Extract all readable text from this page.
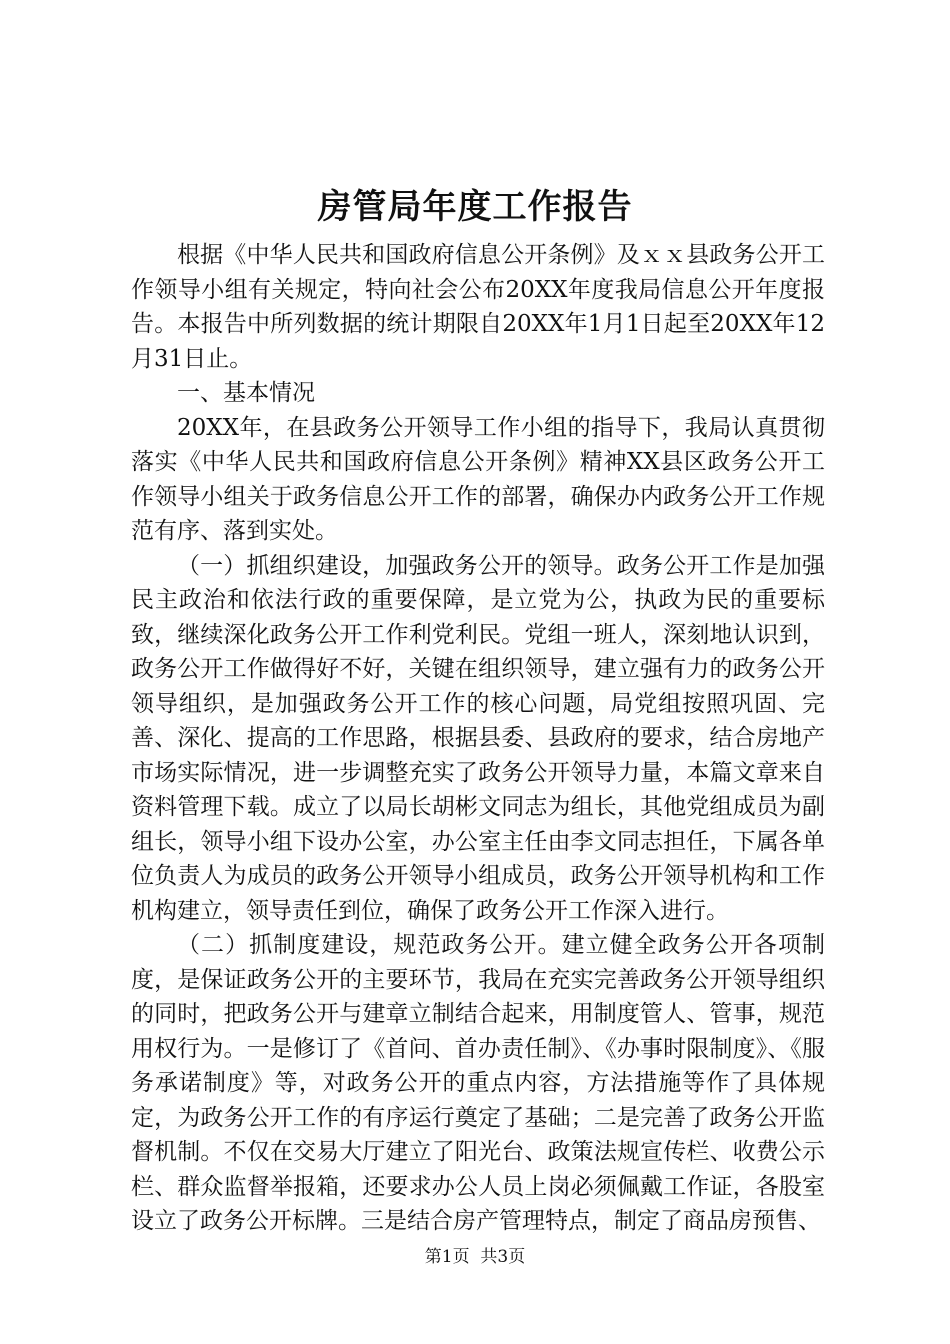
房管局年度工作报告

根据《中华人民共和国政府信息公开条例》及ｘｘ县政务公开工作领导小组有关规定，特向社会公布20XX年度我局信息公开年度报告。本报告中所列数据的统计期限自20XX年1月1日起至20XX年12月31日止。

一、基本情况

20XX年，在县政务公开领导工作小组的指导下，我局认真贯彻落实《中华人民共和国政府信息公开条例》精神XX县区政务公开工作领导小组关于政务信息公开工作的部署，确保办内政务公开工作规范有序、落到实处。

（一）抓组织建设，加强政务公开的领导。政务公开工作是加强民主政治和依法行政的重要保障，是立党为公，执政为民的重要标致，继续深化政务公开工作利党利民。党组一班人，深刻地认识到，政务公开工作做得好不好，关键在组织领导，建立强有力的政务公开领导组织，是加强政务公开工作的核心问题，局党组按照巩固、完善、深化、提高的工作思路，根据县委、县政府的要求，结合房地产市场实际情况，进一步调整充实了政务公开领导力量，本篇文章来自资料管理下载。成立了以局长胡彬文同志为组长，其他党组成员为副组长，领导小组下设办公室，办公室主任由李文同志担任，下属各单位负责人为成员的政务公开领导小组成员，政务公开领导机构和工作机构建立，领导责任到位，确保了政务公开工作深入进行。

（二）抓制度建设，规范政务公开。建立健全政务公开各项制度，是保证政务公开的主要环节，我局在充实完善政务公开领导组织的同时，把政务公开与建章立制结合起来，用制度管人、管事，规范用权行为。一是修订了《首问、首办责任制》、《办事时限制度》、《服务承诺制度》等，对政务公开的重点内容，方法措施等作了具体规定，为政务公开工作的有序运行奠定了基础；二是完善了政务公开监督机制。不仅在交易大厅建立了阳光台、政策法规宣传栏、收费公示栏、群众监督举报箱，还要求办公人员上岗必须佩戴工作证，各股室设立了政务公开标牌。三是结合房产管理特点，制定了商品房预售、

第1页  共3页
